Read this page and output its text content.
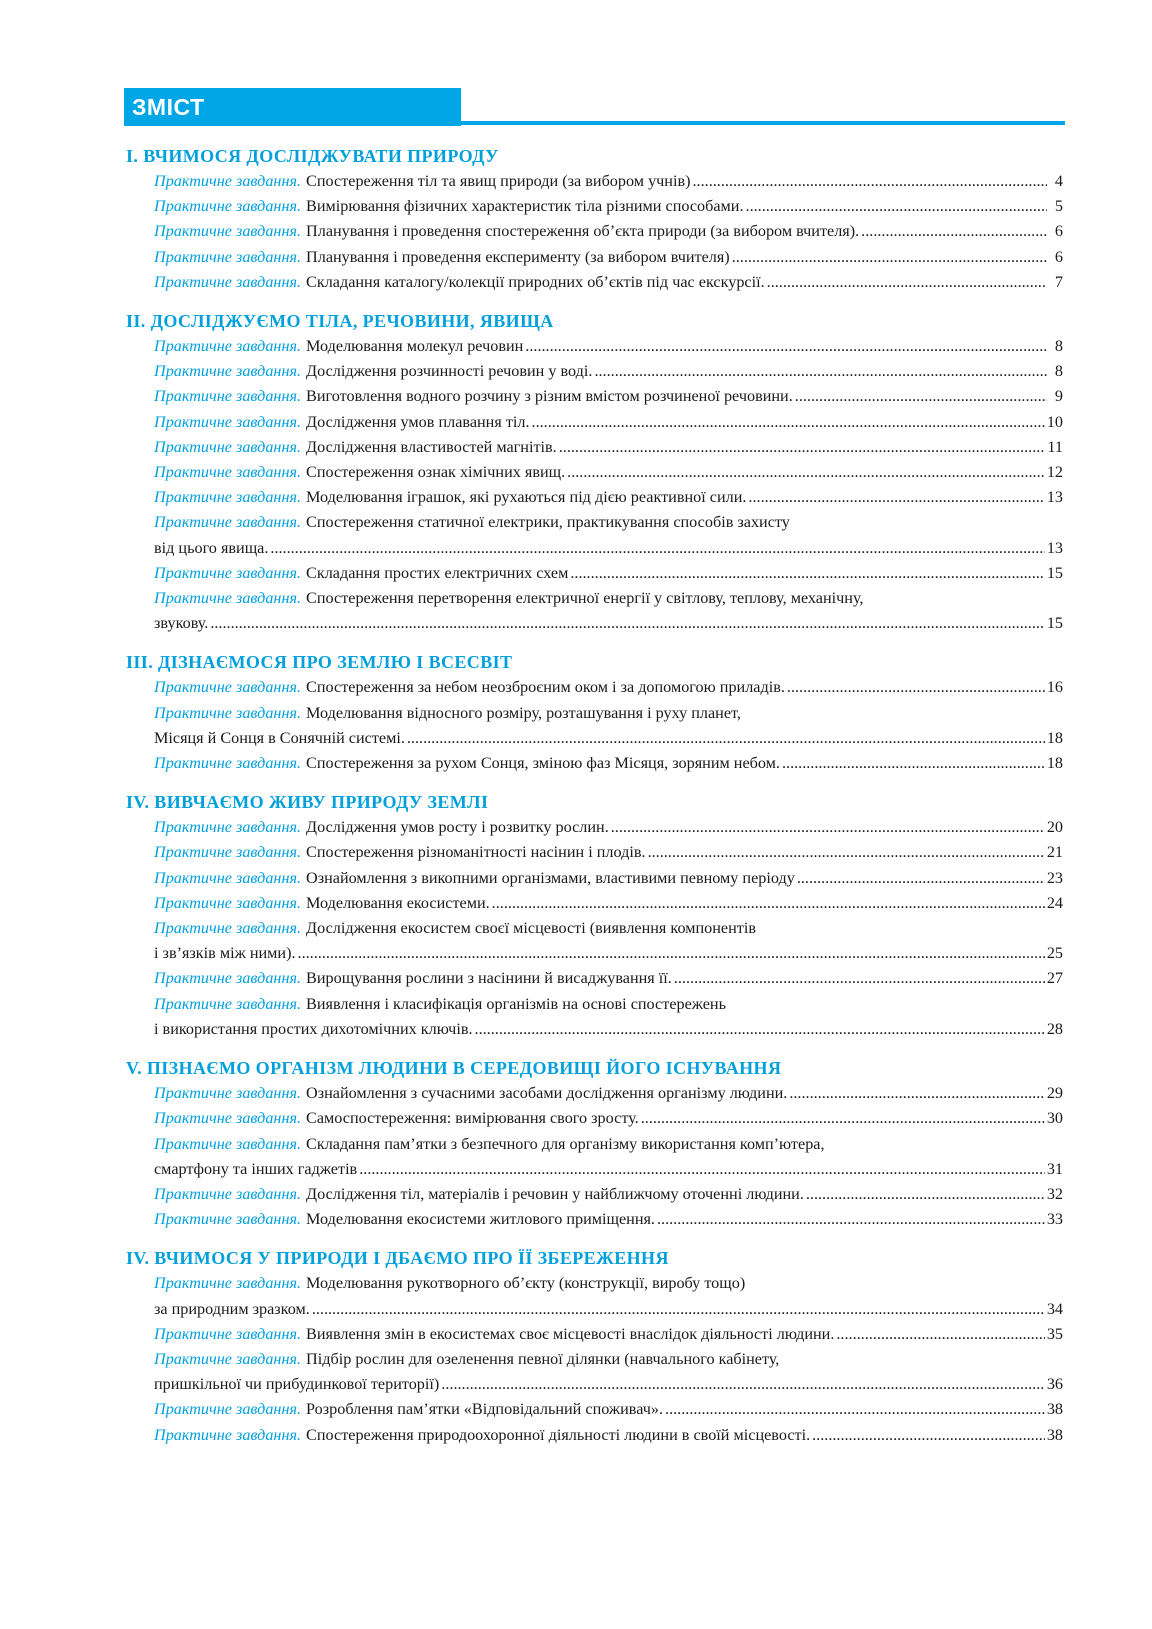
ЗМІСТ
I. ВЧИМОСЯ ДОСЛІДЖУВАТИ ПРИРОДУ
Практичне завдання. Спостереження тіл та явищ природи (за вибором учнів) .....	4
Практичне завдання. Вимірювання фізичних характеристик тіла різними способами. .....	5
Практичне завдання. Планування і проведення спостереження об’єкта природи (за вибором вчителя). .....	6
Практичне завдання. Планування і проведення експерименту (за вибором вчителя) .....	6
Практичне завдання. Складання каталогу/колекції природних об’єктів під час екскурсії. .....	7
II. ДОСЛІДЖУЄМО ТІЛА, РЕЧОВИНИ, ЯВИЩА
Практичне завдання. Моделювання молекул речовин .....	8
Практичне завдання. Дослідження розчинності речовин у воді. .....	8
Практичне завдання. Виготовлення водного розчину з різним вмістом розчиненої речовини. .....	9
Практичне завдання. Дослідження умов плавання тіл. .....	10
Практичне завдання. Дослідження властивостей магнітів. .....	11
Практичне завдання. Спостереження ознак хімічних явищ. .....	12
Практичне завдання. Моделювання іграшок, які рухаються під дією реактивної сили. .....	13
Практичне завдання. Спостереження статичної електрики, практикування способів захисту
від цього явища. .....	13
Практичне завдання. Складання простих електричних схем .....	15
Практичне завдання. Спостереження перетворення електричної енергії у світлову, теплову, механічну,
звукову. .....	15
III. ДІЗНАЄМОСЯ ПРО ЗЕМЛЮ І ВСЕСВІТ
Практичне завдання. Спостереження за небом неозброєним оком і за допомогою приладів. .....	16
Практичне завдання. Моделювання відносного розміру, розташування і руху планет,
Місяця й Сонця в Сонячній системі. .....	18
Практичне завдання. Спостереження за рухом Сонця, зміною фаз Місяця, зоряним небом. .....	18
IV. ВИВЧАЄМО ЖИВУ ПРИРОДУ ЗЕМЛІ
Практичне завдання. Дослідження умов росту і розвитку рослин. .....	20
Практичне завдання. Спостереження різноманітності насінин і плодів. .....	21
Практичне завдання. Ознайомлення з викопними організмами, властивими певному періоду .....	23
Практичне завдання. Моделювання екосистеми. .....	24
Практичне завдання. Дослідження екосистем своєї місцевості (виявлення компонентів
і зв’язків між ними). .....	25
Практичне завдання. Вирощування рослини з насінини й висаджування її. .....	27
Практичне завдання. Виявлення і класифікація організмів на основі спостережень
і використання простих дихотомічних ключів. .....	28
V. ПІЗНАЄМО ОРГАНІЗМ ЛЮДИНИ В СЕРЕДОВИЩІ ЙОГО ІСНУВАННЯ
Практичне завдання. Ознайомлення з сучасними засобами дослідження організму людини. .....	29
Практичне завдання. Самоспостереження: вимірювання свого зросту. .....	30
Практичне завдання. Складання пам’ятки з безпечного для організму використання комп’ютера,
смартфону та інших гаджетів .....	31
Практичне завдання. Дослідження тіл, матеріалів і речовин у найближчому оточенні людини. .....	32
Практичне завдання. Моделювання екосистеми житлового приміщення. .....	33
IV. ВЧИМОСЯ У ПРИРОДИ І ДБАЄМО ПРО ЇЇ ЗБЕРЕЖЕННЯ
Практичне завдання. Моделювання рукотворного об’єкту (конструкції, виробу тощо)
за природним зразком. .....	34
Практичне завдання. Виявлення змін в екосистемах своє місцевості внаслідок діяльності людини. .....	35
Практичне завдання. Підбір рослин для озеленення певної ділянки (навчального кабінету,
пришкільної чи прибудинкової території) .....	36
Практичне завдання. Розроблення пам’ятки «Відповідальний споживач». .....	38
Практичне завдання. Спостереження природоохоронної діяльності людини в своїй місцевості. .....	38
